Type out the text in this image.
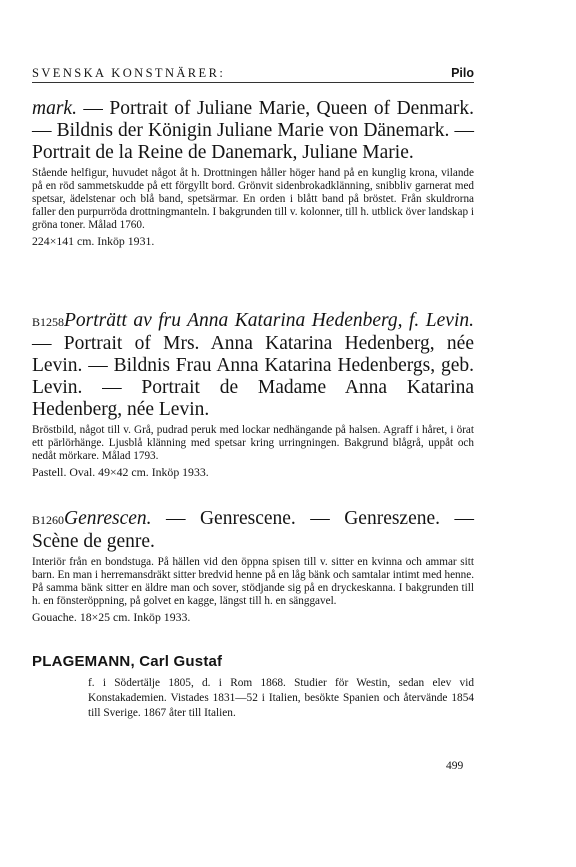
SVENSKA KONSTNÄRER:	Pilo

mark. — Portrait of Juliane Marie, Queen of Denmark. — Bildnis der Königin Juliane Marie von Dänemark. — Portrait de la Reine de Danemark, Juliane Marie.

Stående helfigur, huvudet något åt h. Drottningen håller höger hand på en kunglig krona, vilande på en röd sammetskudde på ett förgyllt bord. Grönvit sidenbrokadklänning, snibbliv garnerat med spetsar, ädelstenar och blå band, spetsärmar. En orden i blått band på bröstet. Från skuldrorna faller den purpurröda drottningmanteln. I bakgrunden till v. kolonner, till h. utblick över landskap i gröna toner. Målad 1760.

224×141 cm. Inköp 1931.

B1258Porträtt av fru Anna Katarina Hedenberg, f. Levin. — Portrait of Mrs. Anna Katarina Hedenberg, née Levin. — Bildnis Frau Anna Katarina Hedenbergs, geb. Levin. — Portrait de Madame Anna Katarina Hedenberg, née Levin.

Bröstbild, något till v. Grå, pudrad peruk med lockar nedhängande på halsen. Agraff i håret, i örat ett pärlörhänge. Ljusblå klänning med spetsar kring urringningen. Bakgrund blågrå, uppåt och nedåt mörkare. Målad 1793.

Pastell. Oval. 49×42 cm. Inköp 1933.

B1260Genrescen. — Genrescene. — Genreszene. — Scène de genre.

Interiör från en bondstuga. På hällen vid den öppna spisen till v. sitter en kvinna och ammar sitt barn. En man i herremansdräkt sitter bredvid henne på en låg bänk och samtalar intimt med henne. På samma bänk sitter en äldre man och sover, stödjande sig på en dryckeskanna. I bakgrunden till h. en fönsteröppning, på golvet en kagge, längst till h. en sänggavel.

Gouache. 18×25 cm. Inköp 1933.

PLAGEMANN, Carl Gustaf

f. i Södertälje 1805, d. i Rom 1868. Studier för Westin, sedan elev vid Konstakademien. Vistades 1831—52 i Italien, besökte Spanien och återvände 1854 till Sverige. 1867 åter till Italien.

499
